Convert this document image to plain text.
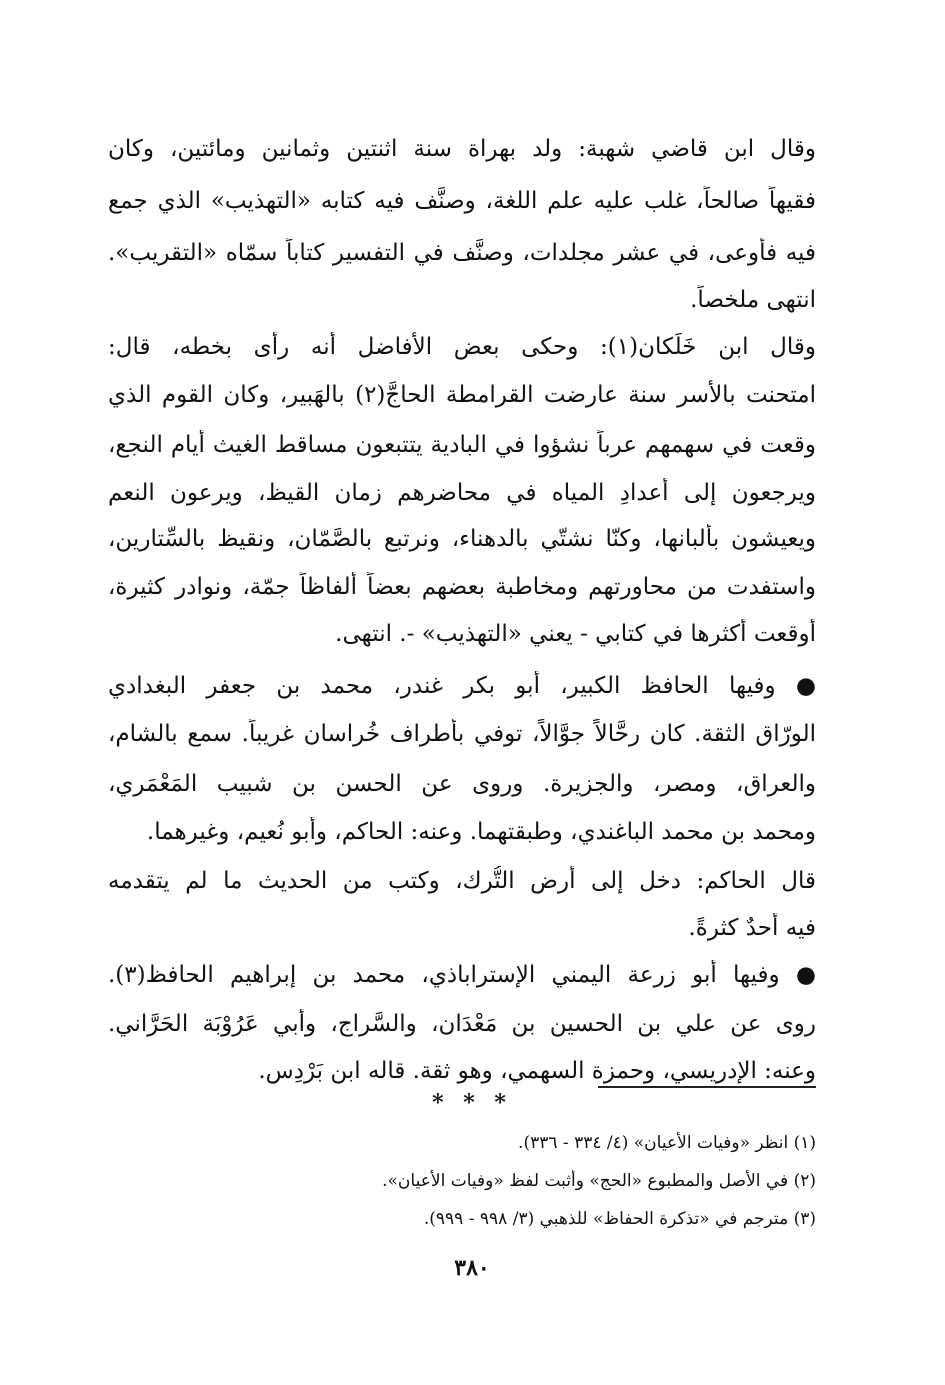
وقال ابن قاضي شهبة: ولد بهراة سنة اثنتين وثمانين ومائتين، وكان
فقيهاً صالحاً، غلب عليه علم اللغة، وصنَّف فيه كتابه «التهذيب» الذي جمع
فيه فأوعى، في عشر مجلدات، وصنَّف في التفسير كتاباً سمّاه «التقريب».
انتهى ملخصاً.
وقال ابن خَلِّكان(١): وحكى بعض الأفاضل أنه رأى بخطه، قال:
امتحنت بالأسر سنة عارضت القرامطة الحاجَّ(٢) بالهَبير، وكان القوم الذي
وقعت في سهمهم عرباً نشؤوا في البادية يتتبعون مساقط الغيث أيام النجع،
ويرجعون إلى أعدادِ المياه في محاضرهم زمان القيظ، ويرعون النعم
ويعيشون بألبانها، وكنّا نشتّي بالدهناء، ونرتبع بالصَّمّان، ونقيظ بالسِّتارين،
واستفدت من محاورتهم ومخاطبة بعضهم بعضاً ألفاظاً جمّة، ونوادر كثيرة،
أوقعت أكثرها في كتابي - يعني «التهذيب» -. انتهى.
● وفيها الحافظ الكبير، أبو بكر غندر، محمد بن جعفر البغدادي
الورّاق الثقة. كان رحَّالاً جوَّالاً، توفي بأطراف خُراسان غريباً. سمع بالشام،
والعراق، ومصر، والجزيرة. وروى عن الحسن بن شبيب المَعْمَري،
ومحمد بن محمد الباغندي، وطبقتهما. وعنه: الحاكم، وأبو نُعيم، وغيرهما.
قال الحاكم: دخل إلى أرض التُّرك، وكتب من الحديث ما لم يتقدمه
فيه أحدٌ كثرةً.
● وفيها أبو زرعة اليمني الإستراباذي، محمد بن إبراهيم الحافظ(٣).
روى عن علي بن الحسين بن مَعْدَان، والسَّراج، وأبي عَرُوْبَة الحَرَّاني.
وعنه: الإدريسي، وحمزة السهمي، وهو ثقة. قاله ابن بَرْدِس.
* * *
(١) انظر «وفيات الأعيان» (٤/ ٣٣٤ - ٣٣٦).
(٢) في الأصل والمطبوع «الحج» وأثبت لفظ «وفيات الأعيان».
(٣) مترجم في «تذكرة الحفاظ» للذهبي (٣/ ٩٩٨ - ٩٩٩).
٣٨٠
